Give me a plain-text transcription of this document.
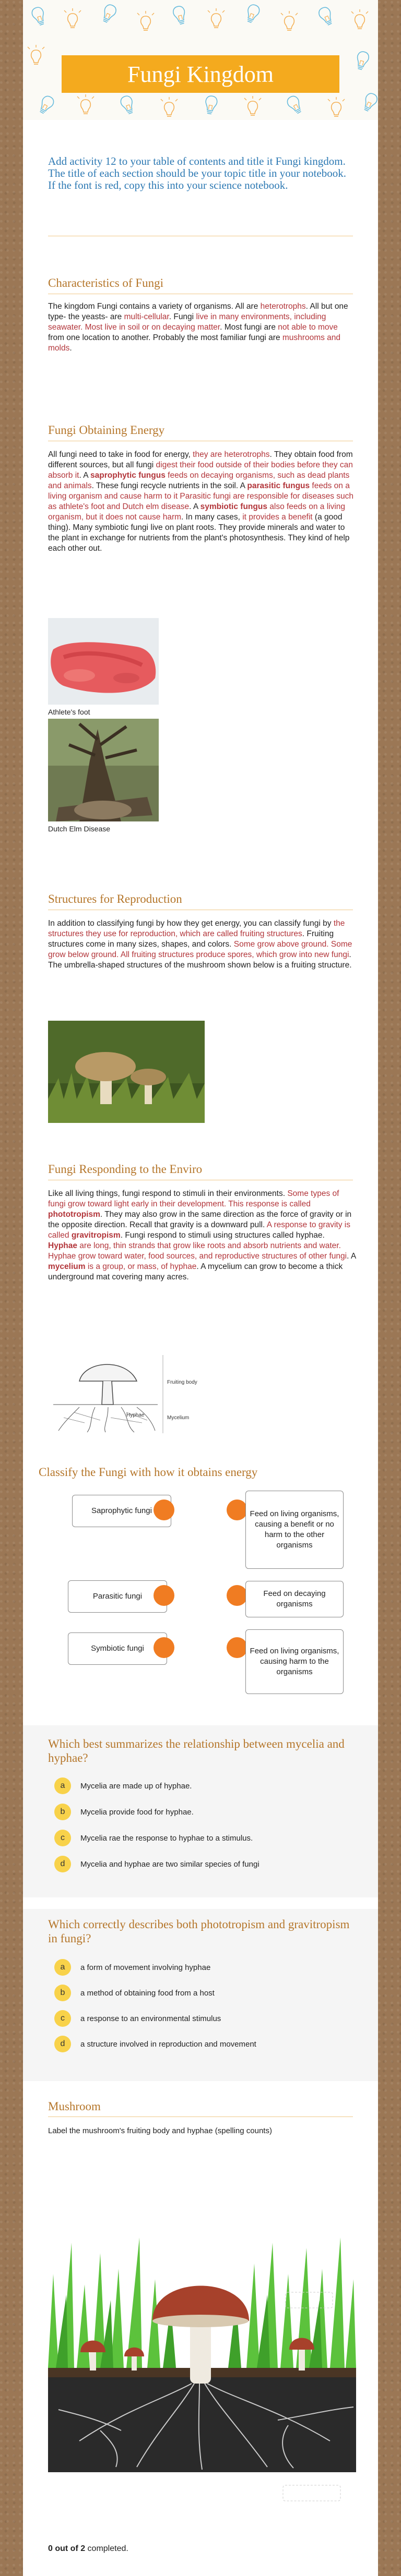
Fungi Kingdom
Add activity 12 to your table of contents and title it Fungi kingdom. The title of each section should be your topic title in your notebook. If the font is red, copy this into your science notebook.
Characteristics of Fungi
The kingdom Fungi contains a variety of organisms. All are heterotrophs. All but one type- the yeasts- are multi-cellular. Fungi live in many environments, including seawater. Most live in soil or on decaying matter. Most fungi are not able to move from one location to another. Probably the most familiar fungi are mushrooms and molds.
Fungi Obtaining Energy
All fungi need to take in food for energy, they are heterotrophs. They obtain food from different sources, but all fungi digest their food outside of their bodies before they can absorb it. A saprophytic fungus feeds on decaying organisms, such as dead plants and animals. These fungi recycle nutrients in the soil. A parasitic fungus feeds on a living organism and cause harm to it Parasitic fungi are responsible for diseases such as athlete's foot and Dutch elm disease. A symbiotic fungus also feeds on a living organism, but it does not cause harm. In many cases, it provides a benefit (a good thing). Many symbiotic fungi live on plant roots. They provide minerals and water to the plant in exchange for nutrients from the plant's photosynthesis. They kind of help each other out.
Athlete's foot
Dutch Elm Disease
Structures for Reproduction
In addition to classifying fungi by how they get energy, you can classify fungi by the structures they use for reproduction, which are called fruiting structures. Fruiting structures come in many sizes, shapes, and colors. Some grow above ground. Some grow below ground. All fruiting structures produce spores, which grow into new fungi. The umbrella-shaped structures of the mushroom shown below is a fruiting structure.
Fungi Responding to the Enviro
Like all living things, fungi respond to stimuli in their environments. Some types of fungi grow toward light early in their development. This response is called phototropism. They may also grow in the same direction as the force of gravity or in the opposite direction. Recall that gravity is a downward pull. A response to gravity is called gravitropism. Fungi respond to stimuli using structures called hyphae. Hyphae are long, thin strands that grow like roots and absorb nutrients and water. Hyphae grow toward water, food sources, and reproductive structures of other fungi. A mycelium is a group, or mass, of hyphae. A mycelium can grow to become a thick underground mat covering many acres.
Fruiting body
Hyphae	Mycelium
Classify the Fungi with how it obtains energy
Saprophytic fungi	Feed on living organisms, causing a benefit or no harm to the other organisms
Parasitic fungi	Feed on decaying organisms
Symbiotic fungi	Feed on living organisms, causing harm to the organisms
Which best summarizes the relationship between mycelia and hyphae?
a	Mycelia are made up of hyphae.
b	Mycelia provide food for hyphae.
c	Mycelia rae the response to hyphae to a stimulus.
d	Mycelia and hyphae are two similar species of fungi
Which correctly describes both phototropism and gravitropism in fungi?
a	a form of movement involving hyphae
b	a method of obtaining food from a host
c	a response to an environmental stimulus
d	a structure involved in reproduction and movement
Mushroom
Label the mushroom's fruiting body and hyphae (spelling counts)
0 out of 2 completed.
